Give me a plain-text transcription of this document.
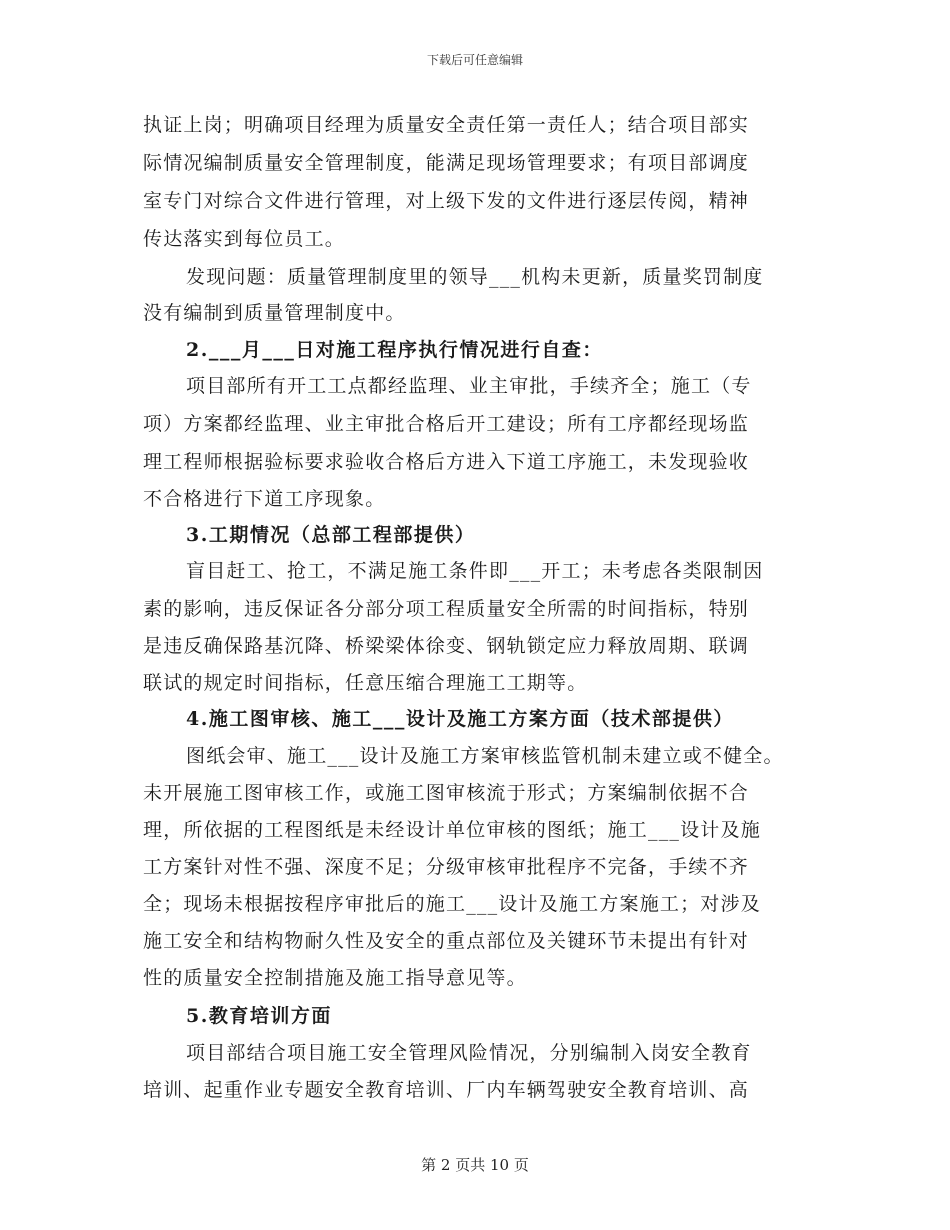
下载后可任意编辑
执证上岗；明确项目经理为质量安全责任第一责任人；结合项目部实
际情况编制质量安全管理制度，能满足现场管理要求；有项目部调度
室专门对综合文件进行管理，对上级下发的文件进行逐层传阅，精神
传达落实到每位员工。
发现问题：质量管理制度里的领导___机构未更新，质量奖罚制度
没有编制到质量管理制度中。
2.___月___日对施工程序执行情况进行自查：
项目部所有开工工点都经监理、业主审批，手续齐全；施工（专
项）方案都经监理、业主审批合格后开工建设；所有工序都经现场监
理工程师根据验标要求验收合格后方进入下道工序施工，未发现验收
不合格进行下道工序现象。
3.工期情况（总部工程部提供）
盲目赶工、抢工，不满足施工条件即___开工；未考虑各类限制因
素的影响，违反保证各分部分项工程质量安全所需的时间指标，特别
是违反确保路基沉降、桥梁梁体徐变、钢轨锁定应力释放周期、联调
联试的规定时间指标，任意压缩合理施工工期等。
4.施工图审核、施工___设计及施工方案方面（技术部提供）
图纸会审、施工___设计及施工方案审核监管机制未建立或不健全。
未开展施工图审核工作，或施工图审核流于形式；方案编制依据不合
理，所依据的工程图纸是未经设计单位审核的图纸；施工___设计及施
工方案针对性不强、深度不足；分级审核审批程序不完备，手续不齐
全；现场未根据按程序审批后的施工___设计及施工方案施工；对涉及
施工安全和结构物耐久性及安全的重点部位及关键环节未提出有针对
性的质量安全控制措施及施工指导意见等。
5.教育培训方面
项目部结合项目施工安全管理风险情况，分别编制入岗安全教育
培训、起重作业专题安全教育培训、厂内车辆驾驶安全教育培训、高
第 2 页共 10 页
